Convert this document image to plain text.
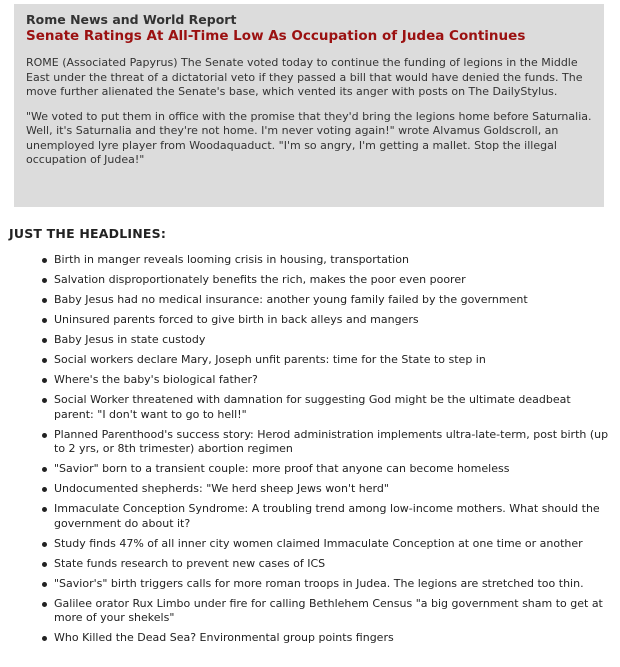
Rome News and World Report
Senate Ratings At All-Time Low As Occupation of Judea Continues

ROME (Associated Papyrus) The Senate voted today to continue the funding of legions in the Middle East under the threat of a dictatorial veto if they passed a bill that would have denied the funds. The move further alienated the Senate's base, which vented its anger with posts on The DailyStylus.

"We voted to put them in office with the promise that they'd bring the legions home before Saturnalia. Well, it's Saturnalia and they're not home. I'm never voting again!" wrote Alvamus Goldscroll, an unemployed lyre player from Woodaquaduct. "I'm so angry, I'm getting a mallet. Stop the illegal occupation of Judea!"

JUST THE HEADLINES:
Birth in manger reveals looming crisis in housing, transportation
Salvation disproportionately benefits the rich, makes the poor even poorer
Baby Jesus had no medical insurance: another young family failed by the government
Uninsured parents forced to give birth in back alleys and mangers
Baby Jesus in state custody
Social workers declare Mary, Joseph unfit parents: time for the State to step in
Where's the baby's biological father?
Social Worker threatened with damnation for suggesting God might be the ultimate deadbeat parent: "I don't want to go to hell!"
Planned Parenthood's success story: Herod administration implements ultra-late-term, post birth (up to 2 yrs, or 8th trimester) abortion regimen
"Savior" born to a transient couple: more proof that anyone can become homeless
Undocumented shepherds: "We herd sheep Jews won't herd"
Immaculate Conception Syndrome: A troubling trend among low-income mothers. What should the government do about it?
Study finds 47% of all inner city women claimed Immaculate Conception at one time or another
State funds research to prevent new cases of ICS
"Savior's" birth triggers calls for more roman troops in Judea. The legions are stretched too thin.
Galilee orator Rux Limbo under fire for calling Bethlehem Census "a big government sham to get at more of your shekels"
Who Killed the Dead Sea? Environmental group points fingers
